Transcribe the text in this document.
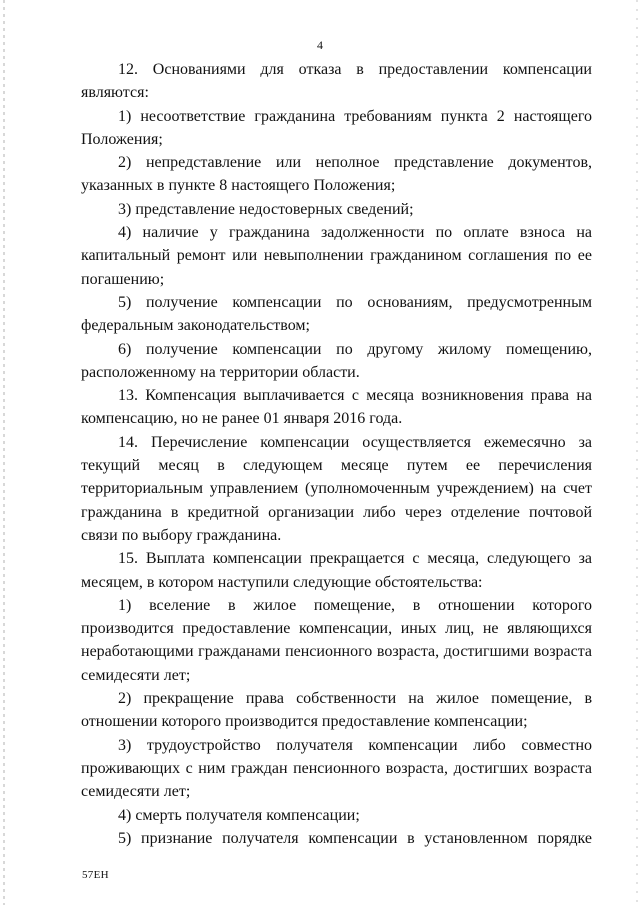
4

12. Основаниями для отказа в предоставлении компенсации являются:

1) несоответствие гражданина требованиям пункта 2 настоящего Положения;

2) непредставление или неполное представление документов, указанных в пункте 8 настоящего Положения;

3) представление недостоверных сведений;

4) наличие у гражданина задолженности по оплате взноса на капитальный ремонт или невыполнении гражданином соглашения по ее погашению;

5) получение компенсации по основаниям, предусмотренным федеральным законодательством;

6) получение компенсации по другому жилому помещению, расположенному на территории области.

13. Компенсация выплачивается с месяца возникновения права на компенсацию, но не ранее 01 января 2016 года.

14. Перечисление компенсации осуществляется ежемесячно за текущий месяц в следующем месяце путем ее перечисления территориальным управлением (уполномоченным учреждением) на счет гражданина в кредитной организации либо через отделение почтовой связи по выбору гражданина.

15. Выплата компенсации прекращается с месяца, следующего за месяцем, в котором наступили следующие обстоятельства:

1) вселение в жилое помещение, в отношении которого производится предоставление компенсации, иных лиц, не являющихся неработающими гражданами пенсионного возраста, достигшими возраста семидесяти лет;

2) прекращение права собственности на жилое помещение, в отношении которого производится предоставление компенсации;

3) трудоустройство получателя компенсации либо совместно проживающих с ним граждан пенсионного возраста, достигших возраста семидесяти лет;

4) смерть получателя компенсации;

5) признание получателя компенсации в установленном порядке

57ЕН
